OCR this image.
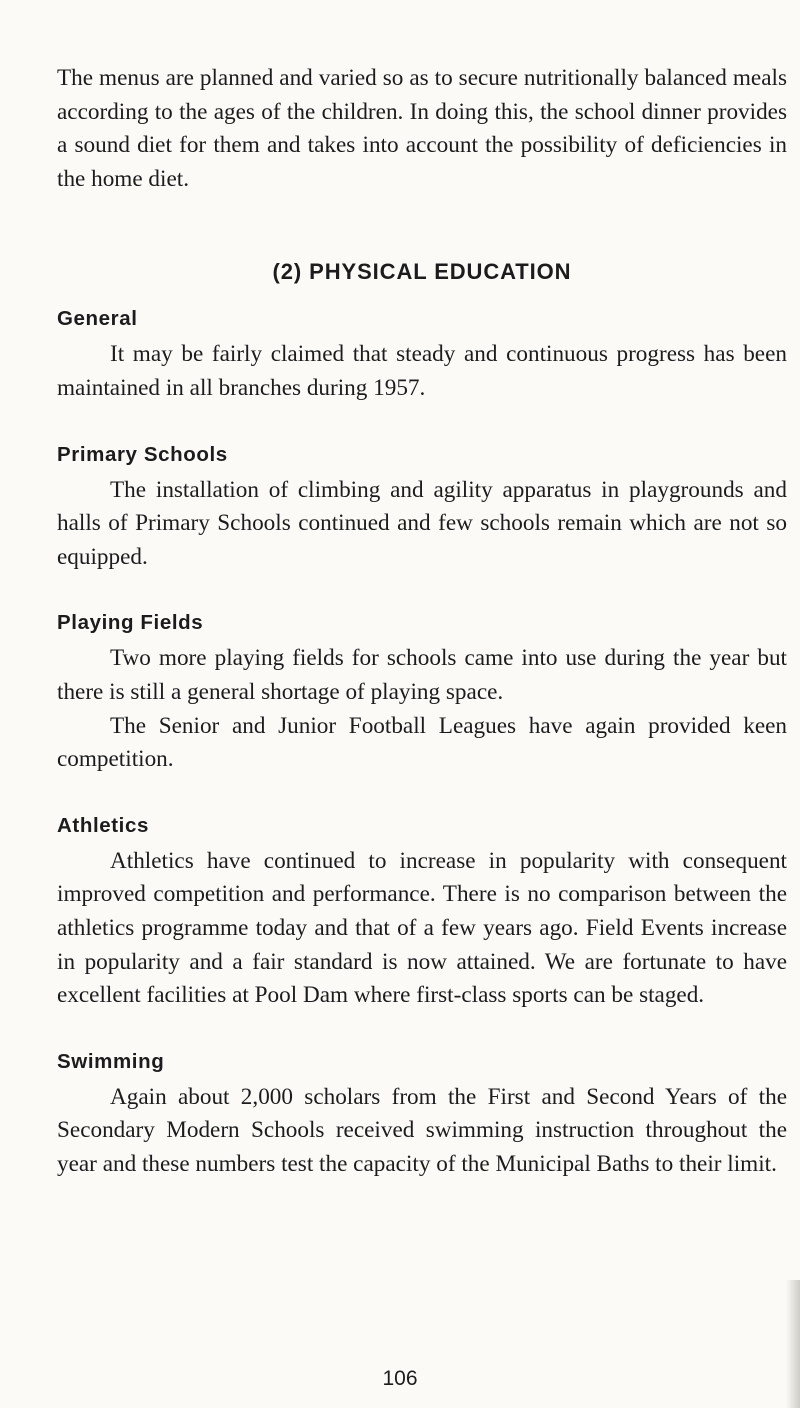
The menus are planned and varied so as to secure nutritionally balanced meals according to the ages of the children. In doing this, the school dinner provides a sound diet for them and takes into account the possibility of deficiencies in the home diet.

(2) PHYSICAL EDUCATION
General

It may be fairly claimed that steady and continuous progress has been maintained in all branches during 1957.

Primary Schools

The installation of climbing and agility apparatus in playgrounds and halls of Primary Schools continued and few schools remain which are not so equipped.

Playing Fields

Two more playing fields for schools came into use during the year but there is still a general shortage of playing space.

The Senior and Junior Football Leagues have again provided keen competition.

Athletics

Athletics have continued to increase in popularity with consequent improved competition and performance. There is no comparison between the athletics programme today and that of a few years ago. Field Events increase in popularity and a fair standard is now attained. We are fortunate to have excellent facilities at Pool Dam where first-class sports can be staged.

Swimming

Again about 2,000 scholars from the First and Second Years of the Secondary Modern Schools received swimming instruction throughout the year and these numbers test the capacity of the Municipal Baths to their limit.

106
